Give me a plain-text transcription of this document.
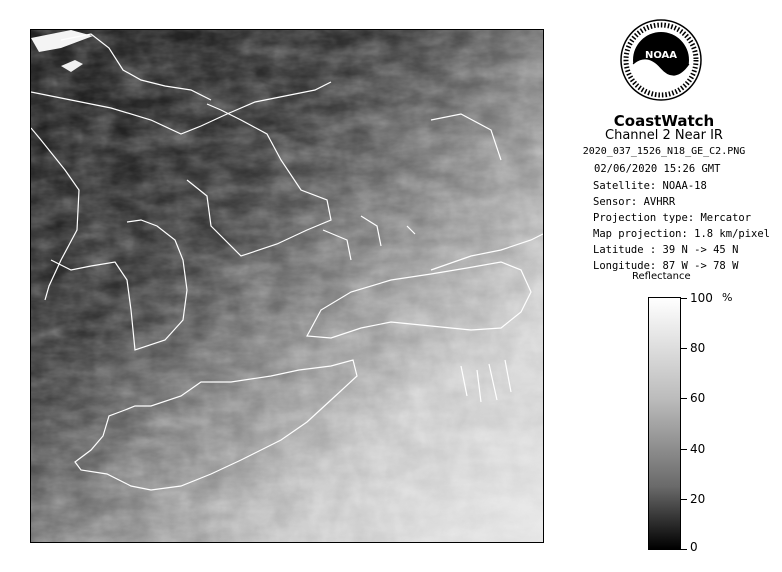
NOAA
CoastWatch
Channel 2 Near IR
2020_037_1526_N18_GE_C2.PNG
02/06/2020 15:26 GMT
Satellite: NOAA-18
Sensor: AVHRR
Projection type: Mercator
Map projection: 1.8 km/pixel
Latitude : 39 N -> 45 N
Longitude: 87 W -> 78 W
Reflectance
%
100
80
60
40
20
0
